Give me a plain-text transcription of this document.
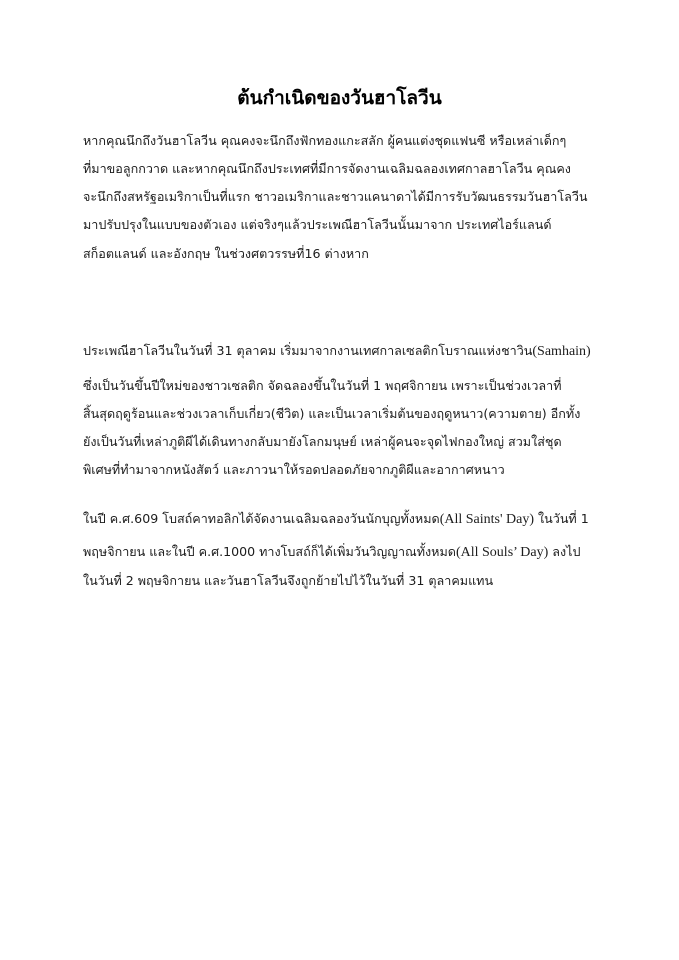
ต้นกำเนิดของวันฮาโลวีน
หากคุณนึกถึงวันฮาโลวีน คุณคงจะนึกถึงฟักทองแกะสลัก ผู้คนแต่งชุดแฟนซี หรือเหล่าเด็กๆ
ที่มาขอลูกกวาด และหากคุณนึกถึงประเทศที่มีการจัดงานเฉลิมฉลองเทศกาลฮาโลวีน คุณคง
จะนึกถึงสหรัฐอเมริกาเป็นที่แรก ชาวอเมริกาและชาวแคนาดาได้มีการรับวัฒนธรรมวันฮาโลวีน
มาปรับปรุงในแบบของตัวเอง แต่จริงๆแล้วประเพณีฮาโลวีนนั้นมาจาก ประเทศไอร์แลนด์
สก็อตแลนด์ และอังกฤษ ในช่วงศตวรรษที่16 ต่างหาก
ประเพณีฮาโลวีนในวันที่ 31 ตุลาคม เริ่มมาจากงานเทศกาลเซลติกโบราณแห่งชาวิน(Samhain)
ซึ่งเป็นวันขึ้นปีใหม่ของชาวเซลติก จัดฉลองขึ้นในวันที่ 1 พฤศจิกายน เพราะเป็นช่วงเวลาที่
สิ้นสุดฤดูร้อนและช่วงเวลาเก็บเกี่ยว(ชีวิต) และเป็นเวลาเริ่มต้นของฤดูหนาว(ความตาย) อีกทั้ง
ยังเป็นวันที่เหล่าภูติผีได้เดินทางกลับมายังโลกมนุษย์ เหล่าผู้คนจะจุดไฟกองใหญ่ สวมใส่ชุด
พิเศษที่ทำมาจากหนังสัตว์ และภาวนาให้รอดปลอดภัยจากภูติผีและอากาศหนาว
ในปี ค.ศ.609 โบสถ์คาทอลิกได้จัดงานเฉลิมฉลองวันนักบุญทั้งหมด(All Saints' Day) ในวันที่ 1
พฤษจิกายน และในปี ค.ศ.1000 ทางโบสถ์ก็ได้เพิ่มวันวิญญาณทั้งหมด(All Souls’ Day) ลงไป
ในวันที่ 2 พฤษจิกายน และวันฮาโลวีนจึงถูกย้ายไปไว้ในวันที่ 31 ตุลาคมแทน
